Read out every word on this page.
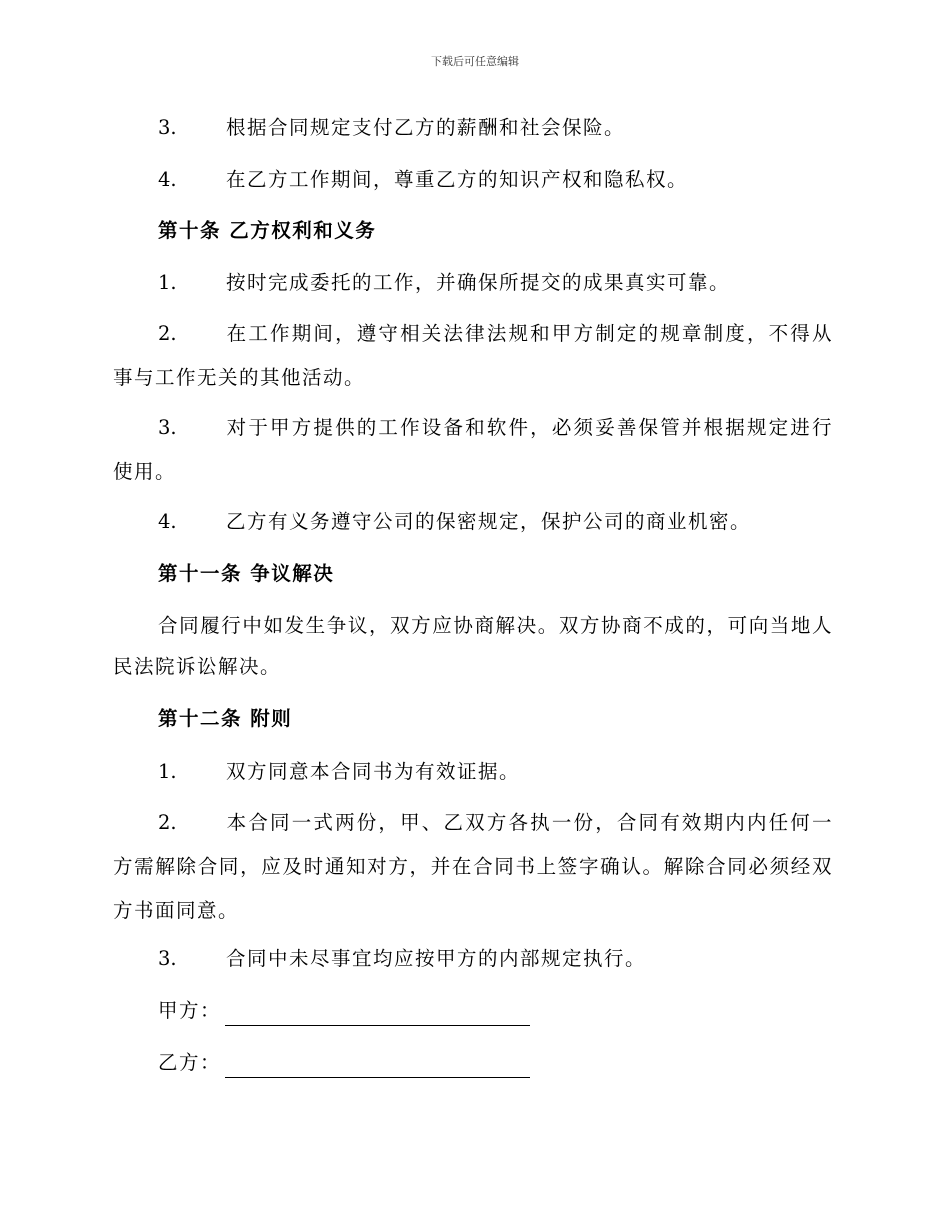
下载后可任意编辑
3.	根据合同规定支付乙方的薪酬和社会保险。
4.	在乙方工作期间，尊重乙方的知识产权和隐私权。
第十条 乙方权利和义务
1.	按时完成委托的工作，并确保所提交的成果真实可靠。
2.	在工作期间，遵守相关法律法规和甲方制定的规章制度，不得从事与工作无关的其他活动。
3.	对于甲方提供的工作设备和软件，必须妥善保管并根据规定进行使用。
4.	乙方有义务遵守公司的保密规定，保护公司的商业机密。
第十一条 争议解决
合同履行中如发生争议，双方应协商解决。双方协商不成的，可向当地人民法院诉讼解决。
第十二条 附则
1.	双方同意本合同书为有效证据。
2.	本合同一式两份，甲、乙双方各执一份，合同有效期内内任何一方需解除合同，应及时通知对方，并在合同书上签字确认。解除合同必须经双方书面同意。
3.	合同中未尽事宜均应按甲方的内部规定执行。
甲方：
乙方：
